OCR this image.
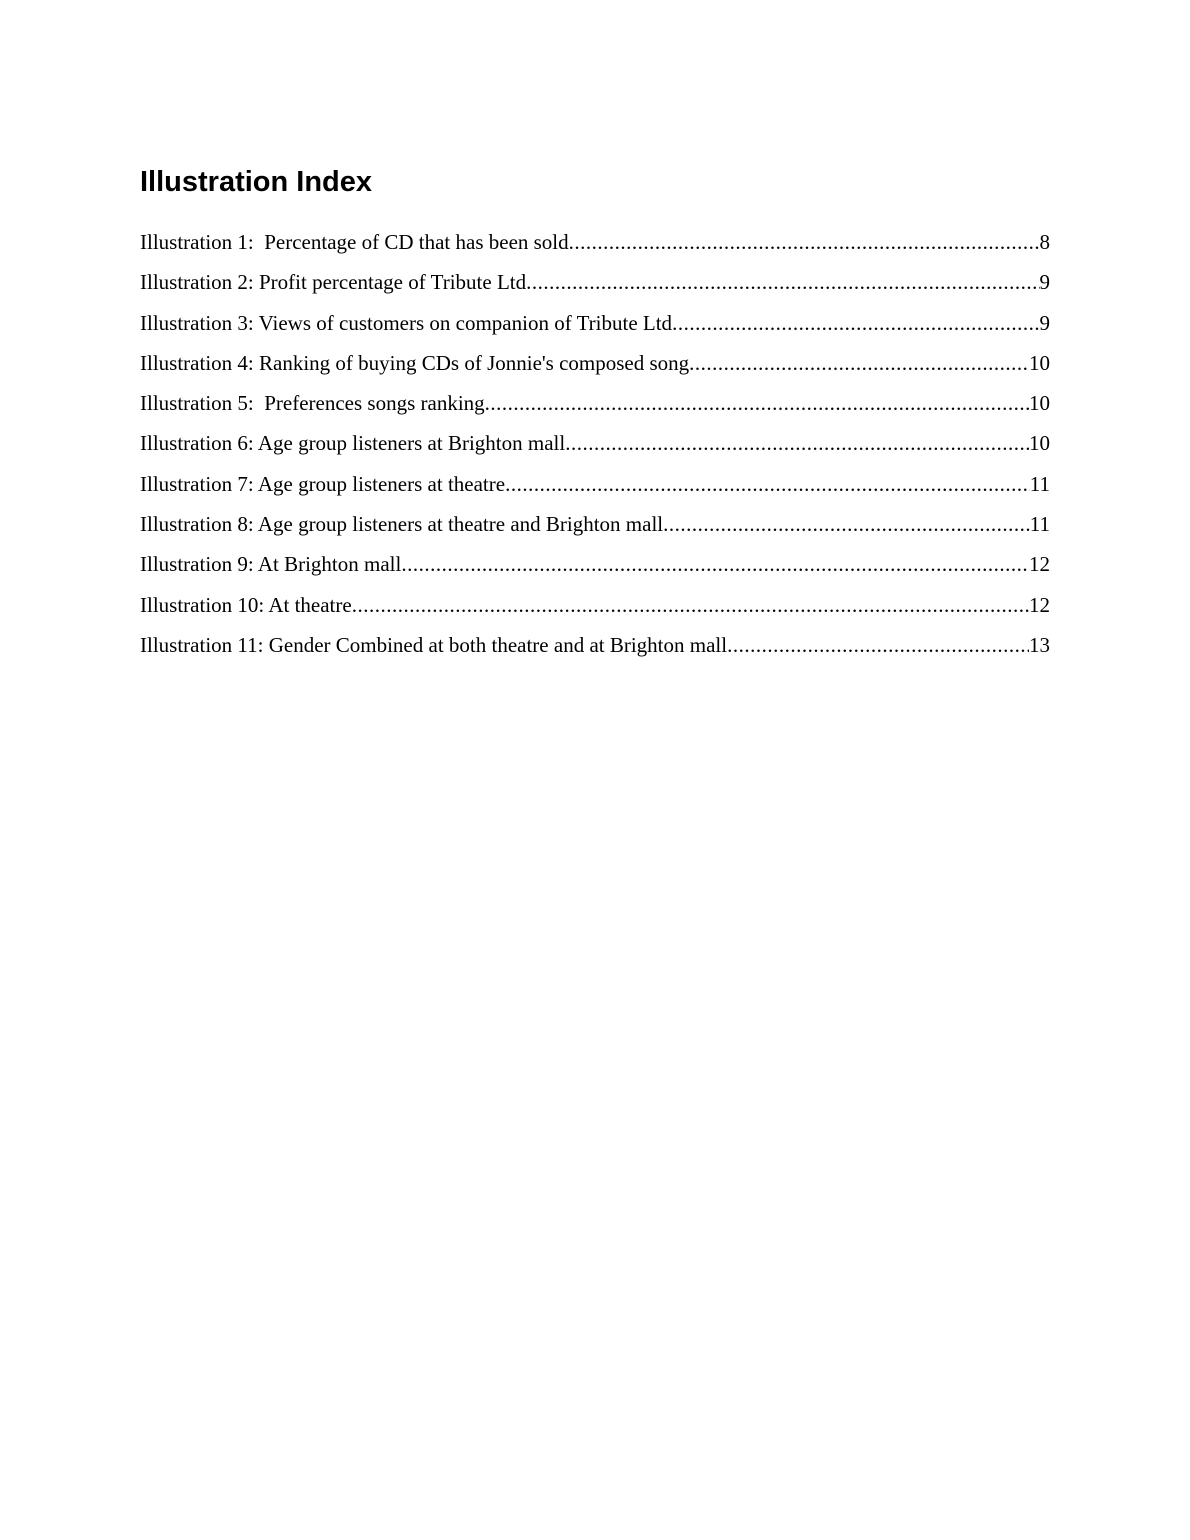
Illustration Index
Illustration 1:  Percentage of CD that has been sold .....	8
Illustration 2: Profit percentage of Tribute Ltd .....	9
Illustration 3: Views of customers on companion of Tribute Ltd .....	9
Illustration 4: Ranking of buying CDs of Jonnie's composed song .....	10
Illustration 5:  Preferences songs ranking .....	10
Illustration 6: Age group listeners at Brighton mall .....	10
Illustration 7: Age group listeners at theatre .....	11
Illustration 8: Age group listeners at theatre and Brighton mall .....	11
Illustration 9: At Brighton mall .....	12
Illustration 10: At theatre .....	12
Illustration 11: Gender Combined at both theatre and at Brighton mall .....	13
